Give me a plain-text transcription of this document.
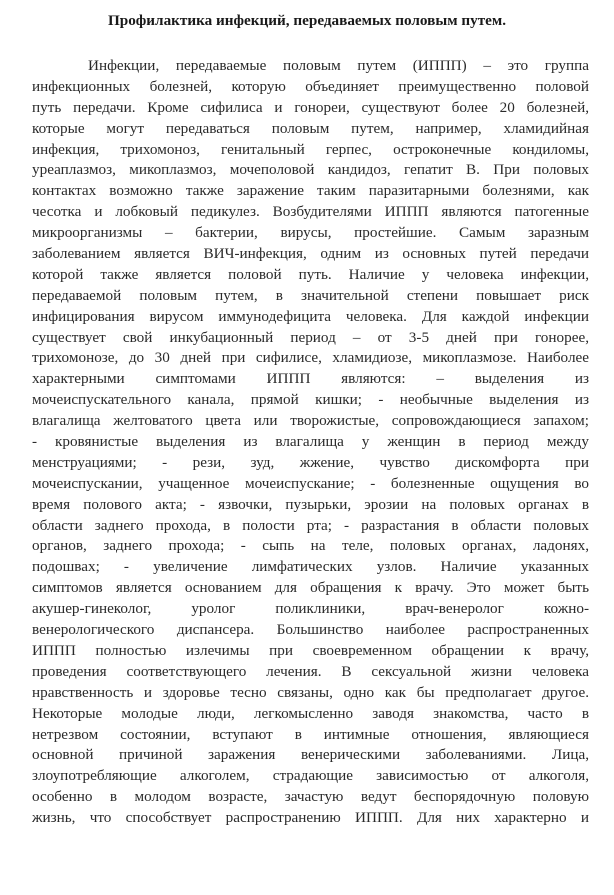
Профилактика инфекций, передаваемых половым путем.
Инфекции, передаваемые половым путем (ИППП) – это группа
инфекционных болезней, которую объединяет преимущественно половой
путь передачи. Кроме сифилиса и гонореи, существуют более 20 болезней,
которые могут передаваться половым путем, например, хламидийная
инфекция, трихомоноз, генитальный герпес, остроконечные кондиломы,
уреаплазмоз, микоплазмоз, мочеполовой кандидоз, гепатит В. При половых
контактах возможно также заражение таким паразитарными болезнями, как
чесотка и лобковый педикулез. Возбудителями ИППП являются патогенные
микроорганизмы – бактерии, вирусы, простейшие. Самым заразным
заболеванием является ВИЧ-инфекция, одним из основных путей передачи
которой также является половой путь. Наличие у человека инфекции,
передаваемой половым путем, в значительной степени повышает риск
инфицирования вирусом иммунодефицита человека. Для каждой инфекции
существует свой инкубационный период – от 3-5 дней при гонорее,
трихомонозе, до 30 дней при сифилисе, хламидиозе, микоплазмозе. Наиболее
характерными симптомами ИППП являются: – выделения из
мочеиспускательного канала, прямой кишки; - необычные выделения из
влагалища желтоватого цвета или творожистые, сопровождающиеся запахом;
- кровянистые выделения из влагалища у женщин в период между
менструациями; - рези, зуд, жжение, чувство дискомфорта при
мочеиспускании, учащенное мочеиспускание; - болезненные ощущения во
время полового акта; - язвочки, пузырьки, эрозии на половых органах в
области заднего прохода, в полости рта; - разрастания в области половых
органов, заднего прохода; - сыпь на теле, половых органах, ладонях,
подошвах; - увеличение лимфатических узлов. Наличие указанных
симптомов является основанием для обращения к врачу. Это может быть
акушер-гинеколог, уролог поликлиники, врач-венеролог кожно-
венерологического диспансера. Большинство наиболее распространенных
ИППП полностью излечимы при своевременном обращении к врачу,
проведения соответствующего лечения. В сексуальной жизни человека
нравственность и здоровье тесно связаны, одно как бы предполагает другое.
Некоторые молодые люди, легкомысленно заводя знакомства, часто в
нетрезвом состоянии, вступают в интимные отношения, являющиеся
основной причиной заражения венерическими заболеваниями. Лица,
злоупотребляющие алкоголем, страдающие зависимостью от алкоголя,
особенно в молодом возрасте, зачастую ведут беспорядочную половую
жизнь, что способствует распространению ИППП. Для них характерно и
